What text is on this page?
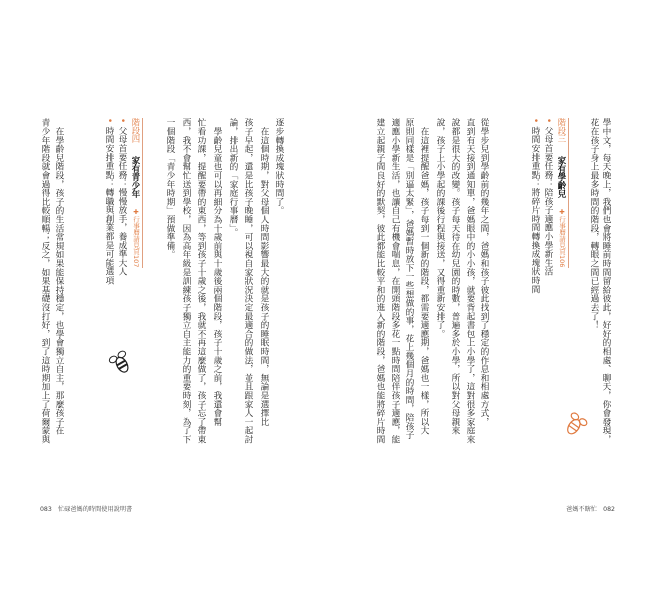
學中文，每天晚上，我們也會將睡前時間留給彼此，好好的相處、聊天，你會發現，
花在孩子身上最多時間的階段，轉眼之間已經過去了！
階段三 家有學齡兒 ✚行事曆請見頁106
•父母首要任務：陪孩子適應小學新生活
•時間安排重點：將碎片時間轉換成塊狀時間
從學步兒到學齡前的幾年之間，爸媽和孩子彼此找到了穩定的作息和相處方式，
直到有天接到通知單，爸媽眼中的小小孩，就要背起書包上小學了，這對很多家庭來
說都是很大的改變。孩子每天待在幼兒園的時數，普遍多於小學，所以對父母親來
說，孩子上小學起的課後行程與接送，又得重新安排了。
　在這裡提醒爸媽，孩子每到一個新的階段，都需要適應期，爸媽也一樣，所以大
原則同樣是「別逼太緊」，爸媽暫時放下一些想做的事，花上幾個月的時間，陪孩子
適應小學新生活，也讓自己有機會喘息，在開頭階段多花一點時間陪伴孩子適應，能
建立起親子間良好的默契，彼此都能比較平和的進入新的階段，爸媽也能將碎片時間
爸媽不瞎忙　082
逐步轉換成塊狀時間了。
　在這個時期，對父母個人時間影響最大的就是孩子的睡眠時間，無論是選擇比
孩子早起，還是比孩子晚睡，可以視自家狀況決定最適合的做法，並且跟家人一起討
論，排出新的「家庭行事曆」。
　學齡兒童也可以再細分為十歲前與十歲後兩個階段，孩子十歲之前，我還會幫
忙看功課，提醒要帶的東西，等到孩子十歲之後，我就不再這麼做了，孩子忘了帶東
西，我不會幫忙送到學校，因為高年級是訓練孩子獨立自主能力的重要時刻，為了下
一個階段「青少年時期」預做準備。
階段四 家有青少年 ✚行事曆請見頁107
•父母首要任務：慢慢放手，養成準大人
•時間安排重點：轉職與創業都是可能選項
　在學齡兒階段，孩子的生活常規如果能保持穩定，也學會獨立自主，那麼孩子在
青少年階段就會過得比較順暢；反之，如果基礎沒打好，到了這時期加上了荷爾蒙與
083　忙碌爸媽的時間使用說明書
